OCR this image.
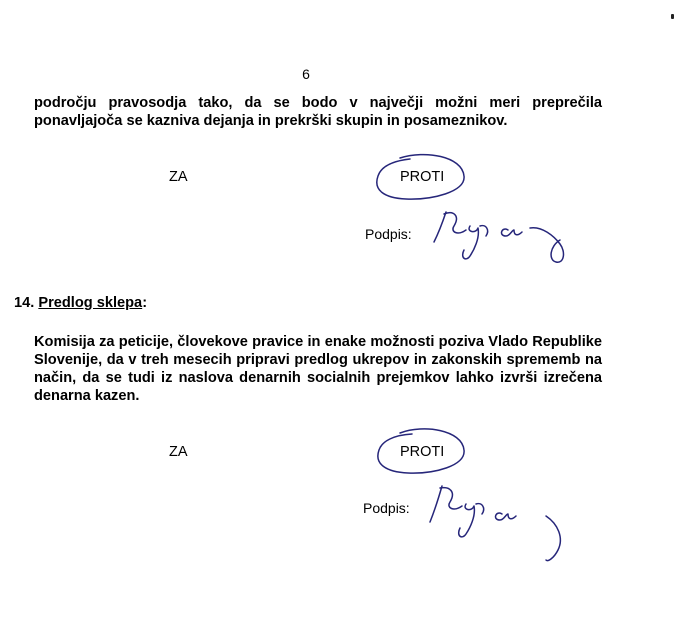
6
področju pravosodja tako, da se bodo v največji možni meri preprečila ponavljajoča se kazniva dejanja in prekrški skupin in posameznikov.
ZA	PROTI
Podpis:
14. Predlog sklepa:
Komisija za peticije, človekove pravice in enake možnosti poziva Vlado Republike Slovenije, da v treh mesecih pripravi predlog ukrepov in zakonskih sprememb na način, da se tudi iz naslova denarnih socialnih prejemkov lahko izvrši izrečena denarna kazen.
ZA	PROTI
Podpis:
